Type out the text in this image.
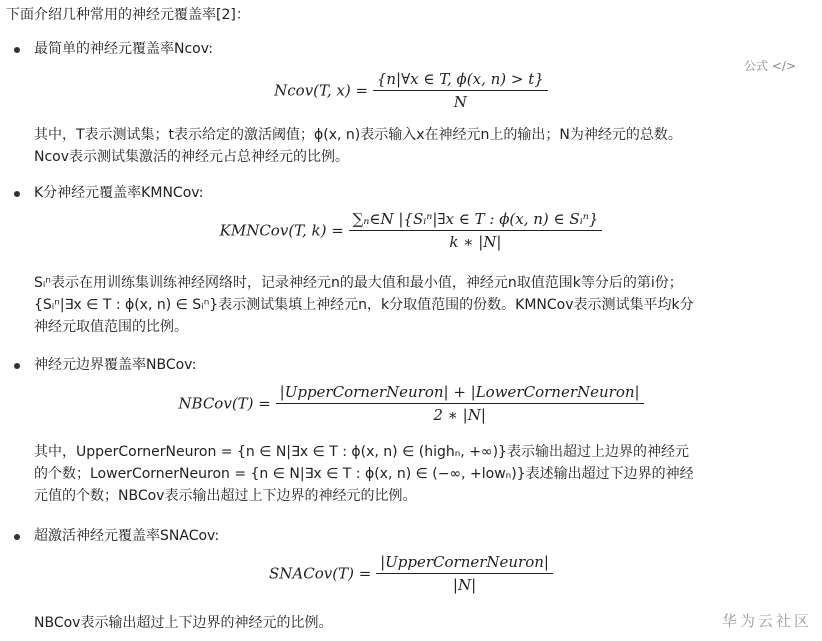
下面介绍几种常用的神经元覆盖率[2]：
公式 </>
最简单的神经元覆盖率Ncov:
Ncov(T, $x) = \frac{\{n|\forall x \in T, \phi(x, n) > t\}}{N}$
其中，T表示测试集；t表示给定的激活阈值；ϕ(x, n)表示输入x在神经元n上的输出；N为神经元的总数。
Ncov表示测试集激活的神经元占总神经元的比例。
K分神经元覆盖率KMNCov:
KMNCov(T, $k) = \frac{\text{∑ₙ∈N |\{Sᵢⁿ|∃x ∈ T : ϕ(x, n) ∈ Sᵢⁿ\}}}{k ∗ |N|}$
Sᵢⁿ表示在用训练集训练神经网络时，记录神经元n的最大值和最小值，神经元n取值范围k等分后的第i份；
{Sᵢⁿ|∃x ∈ T : ϕ(x, n) ∈ Sᵢⁿ}表示测试集填上神经元n，k分取值范围的份数。KMNCov表示测试集平均k分
神经元取值范围的比例。
神经元边界覆盖率NBCov:
NBCov(T) = $\frac{\text{|UpperCornerNeuron| + |LowerCornerNeuron|}}{2 ∗ |N|}$
其中，UpperCornerNeuron = {n ∈ N|∃x ∈ T : ϕ(x, n) ∈ (highₙ, +∞)}表示输出超过上边界的神经元
的个数；LowerCornerNeuron = {n ∈ N|∃x ∈ T : ϕ(x, n) ∈ (−∞, +lowₙ)}表述输出超过下边界的神经
元值的个数；NBCov表示输出超过上下边界的神经元的比例。
超激活神经元覆盖率SNACov:
SNACov(T) = $\frac{\text{|UpperCornerNeuron|}}{|N|}$
NBCov表示输出超过上下边界的神经元的比例。	华为云社区
